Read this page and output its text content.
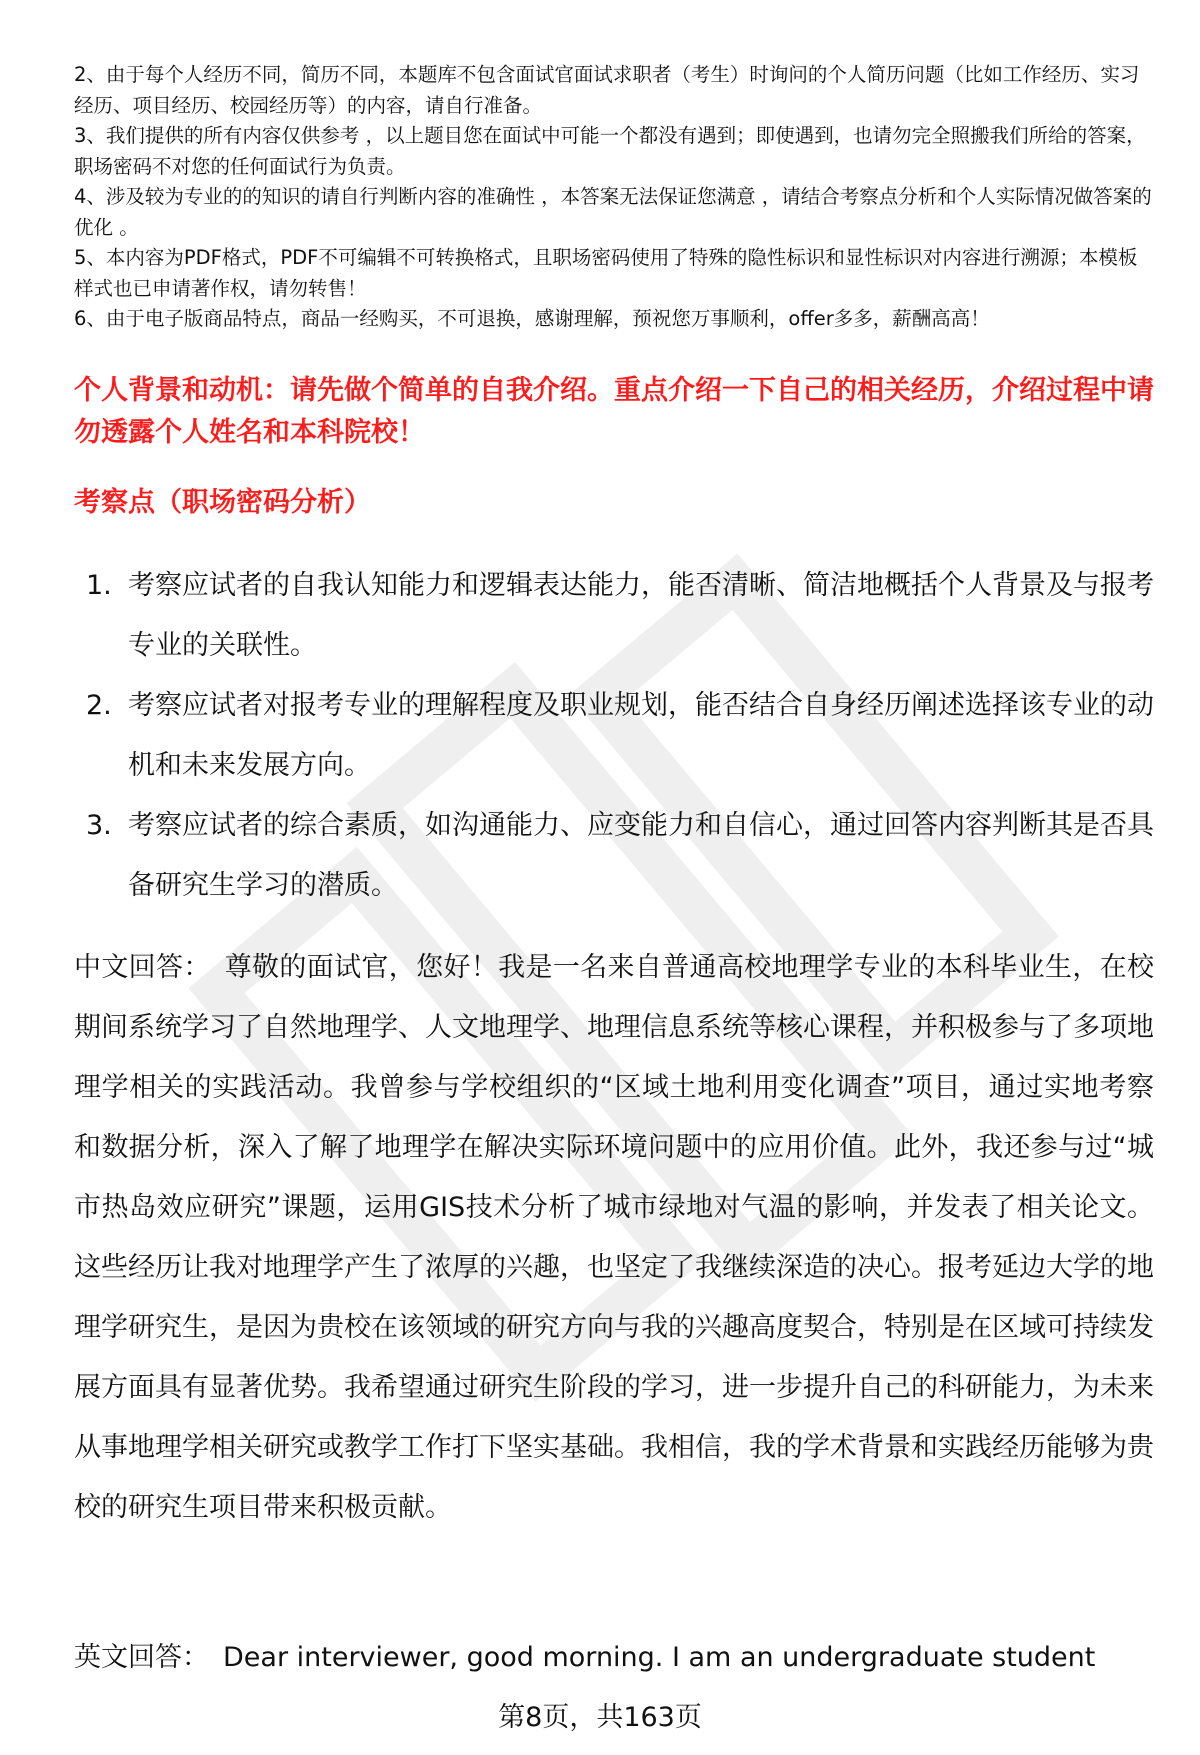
2、由于每个人经历不同，简历不同，本题库不包含面试官面试求职者（考生）时询问的个人简历问题（比如工作经历、实习经历、项目经历、校园经历等）的内容，请自行准备。

3、我们提供的所有内容仅供参考 ，以上题目您在面试中可能一个都没有遇到；即使遇到，也请勿完全照搬我们所给的答案，职场密码不对您的任何面试行为负责。

4、涉及较为专业的的知识的请自行判断内容的准确性 ，本答案无法保证您满意 ，请结合考察点分析和个人实际情况做答案的优化 。

5、本内容为PDF格式，PDF不可编辑不可转换格式，且职场密码使用了特殊的隐性标识和显性标识对内容进行溯源；本模板样式也已申请著作权，请勿转售！

6、由于电子版商品特点，商品一经购买，不可退换，感谢理解，预祝您万事顺利，offer多多，薪酬高高！

个人背景和动机：请先做个简单的自我介绍。重点介绍一下自己的相关经历，介绍过程中请勿透露个人姓名和本科院校！
考察点（职场密码分析）
1. 考察应试者的自我认知能力和逻辑表达能力，能否清晰、简洁地概括个人背景及与报考专业的关联性。
2. 考察应试者对报考专业的理解程度及职业规划，能否结合自身经历阐述选择该专业的动机和未来发展方向。
3. 考察应试者的综合素质，如沟通能力、应变能力和自信心，通过回答内容判断其是否具备研究生学习的潜质。

中文回答： 尊敬的面试官，您好！我是一名来自普通高校地理学专业的本科毕业生，在校期间系统学习了自然地理学、人文地理学、地理信息系统等核心课程，并积极参与了多项地理学相关的实践活动。我曾参与学校组织的“区域土地利用变化调查”项目，通过实地考察和数据分析，深入了解了地理学在解决实际环境问题中的应用价值。此外，我还参与过“城市热岛效应研究”课题，运用GIS技术分析了城市绿地对气温的影响，并发表了相关论文。这些经历让我对地理学产生了浓厚的兴趣，也坚定了我继续深造的决心。报考延边大学的地理学研究生，是因为贵校在该领域的研究方向与我的兴趣高度契合，特别是在区域可持续发展方面具有显著优势。我希望通过研究生阶段的学习，进一步提升自己的科研能力，为未来从事地理学相关研究或教学工作打下坚实基础。我相信，我的学术背景和实践经历能够为贵校的研究生项目带来积极贡献。

英文回答： Dear interviewer, good morning. I am an undergraduate student

第8页，共163页
